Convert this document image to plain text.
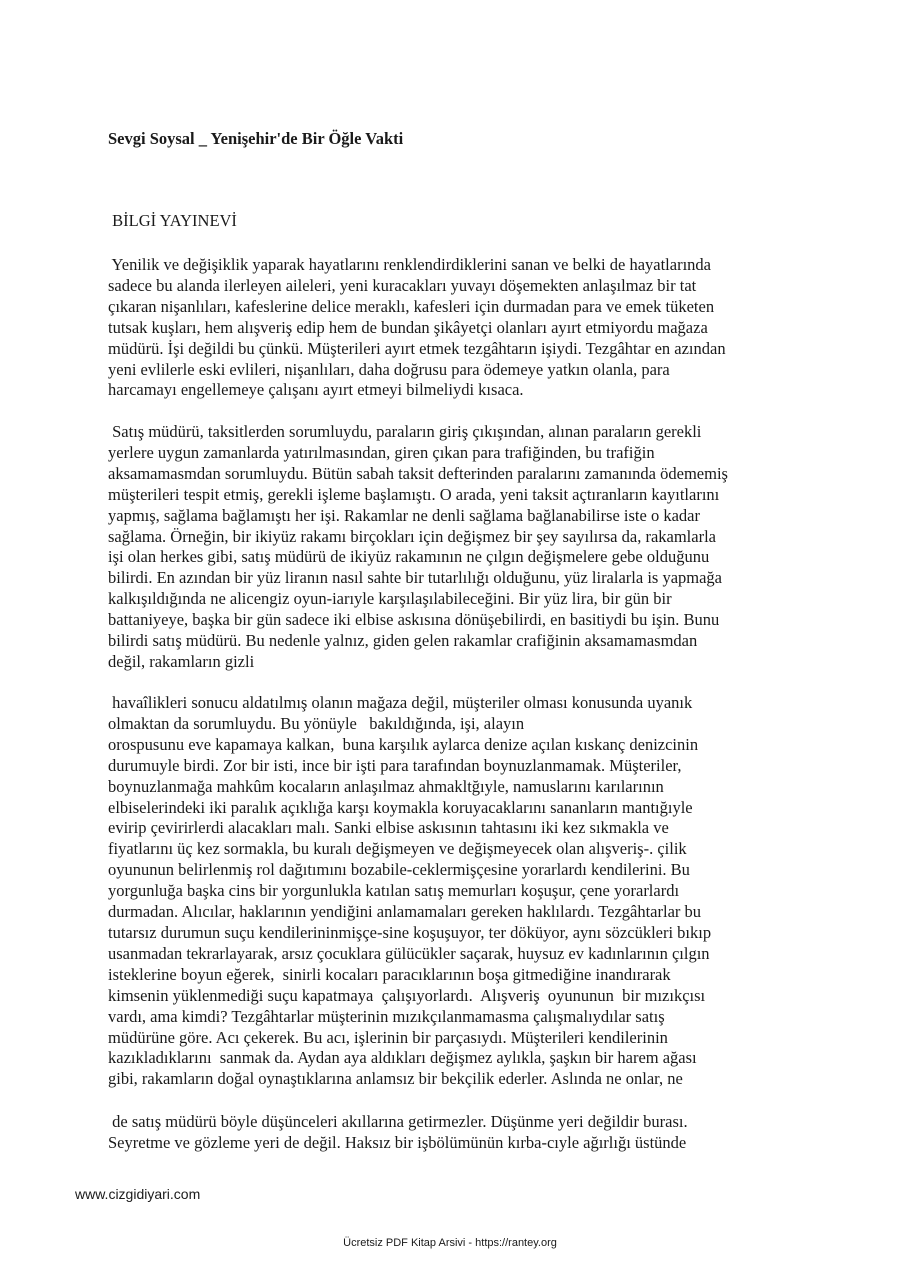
Sevgi Soysal _ Yenişehir'de Bir Öğle Vakti

BİLGİ YAYINEVİ

Yenilik ve değişiklik yaparak hayatlarını renklendirdiklerini sanan ve belki de hayatlarında
sadece bu alanda ilerleyen aileleri, yeni kuracakları yuvayı döşemekten anlaşılmaz bir tat
çıkaran nişanlıları, kafeslerine delice meraklı, kafesleri için durmadan para ve emek tüketen
tutsak kuşları, hem alışveriş edip hem de bundan şikâyetçi olanları ayırt etmiyordu mağaza
müdürü. İşi değildi bu çünkü. Müşterileri ayırt etmek tezgâhtarın işiydi. Tezgâhtar en azından
yeni evlilerle eski evlileri, nişanlıları, daha doğrusu para ödemeye yatkın olanla, para
harcamayı engellemeye çalışanı ayırt etmeyi bilmeliydi kısaca.
Satış müdürü, taksitlerden sorumluydu, paraların giriş çıkışından, alınan paraların gerekli
yerlere uygun zamanlarda yatırılmasından, giren çıkan para trafiğinden, bu trafiğin
aksamamasmdan sorumluydu. Bütün sabah taksit defterinden paralarını zamanında ödememiş
müşterileri tespit etmiş, gerekli işleme başlamıştı. O arada, yeni taksit açtıranların kayıtlarını
yapmış, sağlama bağlamıştı her işi. Rakamlar ne denli sağlama bağlanabilirse iste o kadar
sağlama. Örneğin, bir ikiyüz rakamı birçokları için değişmez bir şey sayılırsa da, rakamlarla
işi olan herkes gibi, satış müdürü de ikiyüz rakamının ne çılgın değişmelere gebe olduğunu
bilirdi. En azından bir yüz liranın nasıl sahte bir tutarlılığı olduğunu, yüz liralarla is yapmağa
kalkışıldığında ne alicengiz oyun-iarıyle karşılaşılabileceğini. Bir yüz lira, bir gün bir
battaniyeye, başka bir gün sadece iki elbise askısına dönüşebilirdi, en basitiydi bu işin. Bunu
bilirdi satış müdürü. Bu nedenle yalnız, giden gelen rakamlar crafiğinin aksamamasmdan
değil, rakamların gizli
havaîlikleri sonucu aldatılmış olanın mağaza değil, müşteriler olması konusunda uyanık
olmaktan da sorumluydu. Bu yönüyle   bakıldığında, işi, alayın
orospusunu eve kapamaya kalkan,  buna karşılık aylarca denize açılan kıskanç denizcinin
durumuyle birdi. Zor bir isti, ince bir işti para tarafından boynuzlanmamak. Müşteriler,
boynuzlanmağa mahkûm kocaların anlaşılmaz ahmakltğıyle, namuslarını karılarının
elbiselerindeki iki paralık açıklığa karşı koymakla koruyacaklarını sananların mantığıyle
evirip çevirirlerdi alacakları malı. Sanki elbise askısının tahtasını iki kez sıkmakla ve
fiyatlarını üç kez sormakla, bu kuralı değişmeyen ve değişmeyecek olan alışveriş-. çilik
oyununun belirlenmiş rol dağıtımını bozabile-ceklermişçesine yorarlardı kendilerini. Bu
yorgunluğa başka cins bir yorgunlukla katılan satış memurları koşuşur, çene yorarlardı
durmadan. Alıcılar, haklarının yendiğini anlamamaları gereken haklılardı. Tezgâhtarlar bu
tutarsız durumun suçu kendilerininmişçe-sine koşuşuyor, ter döküyor, aynı sözcükleri bıkıp
usanmadan tekrarlayarak, arsız çocuklara gülücükler saçarak, huysuz ev kadınlarının çılgın
isteklerine boyun eğerek,  sinirli kocaları paracıklarının boşa gitmediğine inandırarak
kimsenin yüklenmediği suçu kapatmaya  çalışıyorlardı.  Alışveriş  oyununun  bir mızıkçısı
vardı, ama kimdi? Tezgâhtarlar müşterinin mızıkçılanmamasma çalışmalıydılar satış
müdürüne göre. Acı çekerek. Bu acı, işlerinin bir parçasıydı. Müşterileri kendilerinin
kazıkladıklarını  sanmak da. Aydan aya aldıkları değişmez aylıkla, şaşkın bir harem ağası
gibi, rakamların doğal oynaştıklarına anlamsız bir bekçilik ederler. Aslında ne onlar, ne
de satış müdürü böyle düşünceleri akıllarına getirmezler. Düşünme yeri değildir burası.
Seyretme ve gözleme yeri de değil. Haksız bir işbölümünün kırba-cıyle ağırlığı üstünde
www.cizgidiyari.com
Ücretsiz PDF Kitap Arsivi - https://rantey.org
